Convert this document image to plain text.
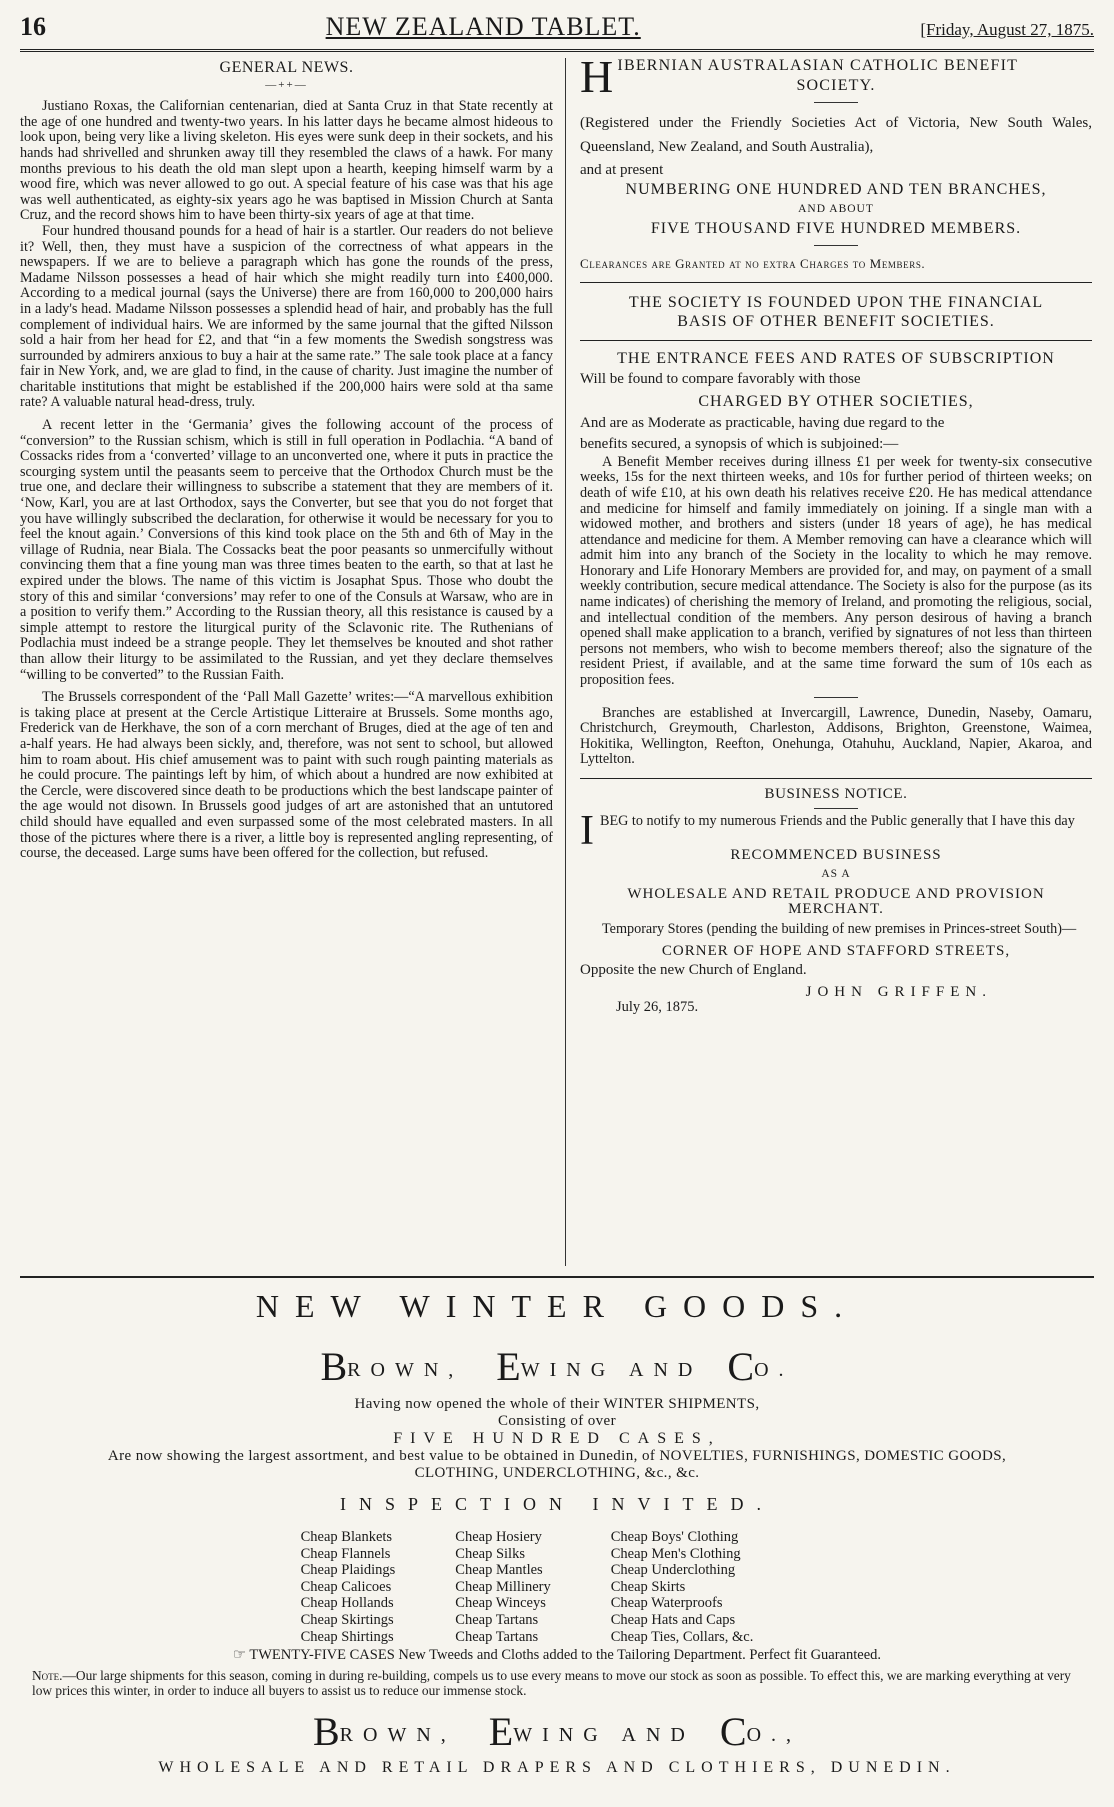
16	NEW ZEALAND TABLET.	[Friday, August 27, 1875.
GENERAL NEWS.
—++—

Justiano Roxas, the Californian centenarian, died at Santa Cruz in that State recently at the age of one hundred and twenty-two years. In his latter days he became almost hideous to look upon, being very like a living skeleton. His eyes were sunk deep in their sockets, and his hands had shrivelled and shrunken away till they resembled the claws of a hawk. For many months previous to his death the old man slept upon a hearth, keeping himself warm by a wood fire, which was never allowed to go out. A special feature of his case was that his age was well authenticated, as eighty-six years ago he was baptised in Mission Church at Santa Cruz, and the record shows him to have been thirty-six years of age at that time.

Four hundred thousand pounds for a head of hair is a startler. Our readers do not believe it? Well, then, they must have a suspicion of the correctness of what appears in the newspapers. If we are to believe a paragraph which has gone the rounds of the press, Madame Nilsson possesses a head of hair which she might readily turn into £400,000. According to a medical journal (says the Universe) there are from 160,000 to 200,000 hairs in a lady's head. Madame Nilsson possesses a splendid head of hair, and probably has the full complement of individual hairs. We are informed by the same journal that the gifted Nilsson sold a hair from her head for £2, and that “in a few moments the Swedish songstress was surrounded by admirers anxious to buy a hair at the same rate.” The sale took place at a fancy fair in New York, and, we are glad to find, in the cause of charity. Just imagine the number of charitable institutions that might be established if the 200,000 hairs were sold at tha same rate? A valuable natural head-dress, truly.

A recent letter in the ‘Germania’ gives the following account of the process of “conversion” to the Russian schism, which is still in full operation in Podlachia. “A band of Cossacks rides from a ‘converted’ village to an unconverted one, where it puts in practice the scourging system until the peasants seem to perceive that the Orthodox Church must be the true one, and declare their willingness to subscribe a statement that they are members of it. ‘Now, Karl, you are at last Orthodox, says the Converter, but see that you do not forget that you have willingly subscribed the declaration, for otherwise it would be necessary for you to feel the knout again.’ Conversions of this kind took place on the 5th and 6th of May in the village of Rudnia, near Biala. The Cossacks beat the poor peasants so unmercifully without convincing them that a fine young man was three times beaten to the earth, so that at last he expired under the blows. The name of this victim is Josaphat Spus. Those who doubt the story of this and similar ‘conversions’ may refer to one of the Consuls at Warsaw, who are in a position to verify them.” According to the Russian theory, all this resistance is caused by a simple attempt to restore the liturgical purity of the Sclavonic rite. The Ruthenians of Podlachia must indeed be a strange people. They let themselves be knouted and shot rather than allow their liturgy to be assimilated to the Russian, and yet they declare themselves “willing to be converted” to the Russian Faith.

The Brussels correspondent of the ‘Pall Mall Gazette’ writes:—“A marvellous exhibition is taking place at present at the Cercle Artistique Litteraire at Brussels. Some months ago, Frederick van de Herkhave, the son of a corn merchant of Bruges, died at the age of ten and a-half years. He had always been sickly, and, therefore, was not sent to school, but allowed him to roam about. His chief amusement was to paint with such rough painting materials as he could procure. The paintings left by him, of which about a hundred are now exhibited at the Cercle, were discovered since death to be productions which the best landscape painter of the age would not disown. In Brussels good judges of art are astonished that an untutored child should have equalled and even surpassed some of the most celebrated masters. In all those of the pictures where there is a river, a little boy is represented angling representing, of course, the deceased. Large sums have been offered for the collection, but refused.

H IBERNIAN AUSTRALASIAN CATHOLIC BENEFIT
SOCIETY.

(Registered under the Friendly Societies Act of Victoria, New South Wales, Queensland, New Zealand, and South Australia),

and at present

NUMBERING ONE HUNDRED AND TEN BRANCHES,
AND ABOUT
FIVE THOUSAND FIVE HUNDRED MEMBERS.

Clearances are Granted at no extra Charges to Members.

THE SOCIETY IS FOUNDED UPON THE FINANCIAL
BASIS OF OTHER BENEFIT SOCIETIES.
THE ENTRANCE FEES AND RATES OF SUBSCRIPTION

Will be found to compare favorably with those

CHARGED BY OTHER SOCIETIES,

And are as Moderate as practicable, having due regard to the

benefits secured, a synopsis of which is subjoined:—

A Benefit Member receives during illness £1 per week for twenty-six consecutive weeks, 15s for the next thirteen weeks, and 10s for further period of thirteen weeks; on death of wife £10, at his own death his relatives receive £20. He has medical attendance and medicine for himself and family immediately on joining. If a single man with a widowed mother, and brothers and sisters (under 18 years of age), he has medical attendance and medicine for them. A Member removing can have a clearance which will admit him into any branch of the Society in the locality to which he may remove. Honorary and Life Honorary Members are provided for, and may, on payment of a small weekly contribution, secure medical attendance. The Society is also for the purpose (as its name indicates) of cherishing the memory of Ireland, and promoting the religious, social, and intellectual condition of the members. Any person desirous of having a branch opened shall make application to a branch, verified by signatures of not less than thirteen persons not members, who wish to become members thereof; also the signature of the resident Priest, if available, and at the same time forward the sum of 10s each as proposition fees.

Branches are established at Invercargill, Lawrence, Dunedin, Naseby, Oamaru, Christchurch, Greymouth, Charleston, Addisons, Brighton, Greenstone, Waimea, Hokitika, Wellington, Reefton, Onehunga, Otahuhu, Auckland, Napier, Akaroa, and Lyttelton.

BUSINESS NOTICE.

IBEG to notify to my numerous Friends and the Public generally that I have this day

RECOMMENCED BUSINESS
AS A
WHOLESALE AND RETAIL PRODUCE AND PROVISION MERCHANT.

Temporary Stores (pending the building of new premises in Princes-street South)—

CORNER OF HOPE AND STAFFORD STREETS,

Opposite the new Church of England.

JOHN GRIFFEN.
July 26, 1875.
NEW WINTER GOODS.
BROWN, EWING AND CO.
Having now opened the whole of their WINTER SHIPMENTS,
Consisting of over
FIVE HUNDRED CASES,
Are now showing the largest assortment, and best value to be obtained in Dunedin, of NOVELTIES, FURNISHINGS, DOMESTIC GOODS, CLOTHING, UNDERCLOTHING, &c., &c.
INSPECTION INVITED.
Cheap Blankets
Cheap Flannels
Cheap Plaidings
Cheap Calicoes
Cheap Hollands
Cheap Skirtings
Cheap Shirtings
Cheap Hosiery
Cheap Silks
Cheap Mantles
Cheap Millinery
Cheap Winceys
Cheap Tartans
Cheap Tartans
Cheap Boys' Clothing
Cheap Men's Clothing
Cheap Underclothing
Cheap Skirts
Cheap Waterproofs
Cheap Hats and Caps
Cheap Ties, Collars, &c.
☞ TWENTY-FIVE CASES New Tweeds and Cloths added to the Tailoring Department. Perfect fit Guaranteed.
Note.—Our large shipments for this season, coming in during re-building, compels us to use every means to move our stock as soon as possible. To effect this, we are marking everything at very low prices this winter, in order to induce all buyers to assist us to reduce our immense stock.
BROWN, EWING AND CO.,
WHOLESALE AND RETAIL DRAPERS AND CLOTHIERS, DUNEDIN.
